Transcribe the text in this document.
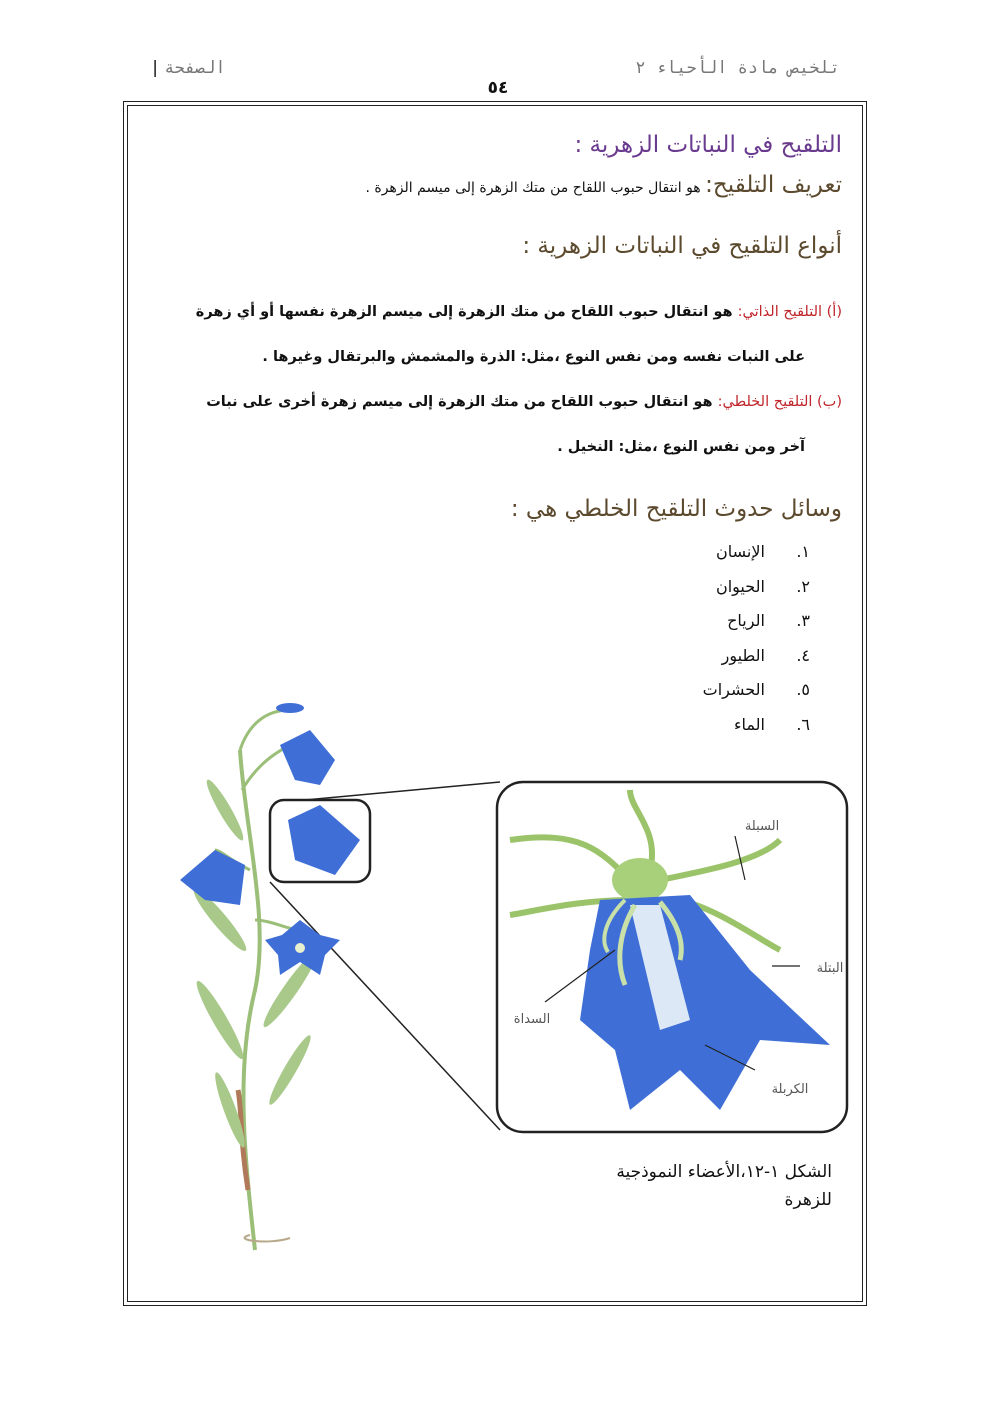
تلخيص مادة الأحياء ٢
الصفحة|
٥٤
التلقيح في النباتات الزهرية :
تعريف التلقيح: هو انتقال حبوب اللقاح من متك الزهرة إلى ميسم الزهرة .
أنواع التلقيح في النباتات الزهرية :
(أ) التلقيح الذاتي: هو انتقال حبوب اللقاح من متك الزهرة إلى ميسم الزهرة نفسها أو أي زهرة
على النبات نفسه ومن نفس النوع ،مثل: الذرة والمشمش والبرتقال وغيرها .
(ب) التلقيح الخلطي: هو انتقال حبوب اللقاح من متك الزهرة إلى ميسم زهرة أخرى على نبات
آخر ومن نفس النوع ،مثل: النخيل .
وسائل حدوث التلقيح الخلطي هي :
١. الإنسان
٢. الحيوان
٣. الرياح
٤. الطيور
٥. الحشرات
٦. الماء
السبلة
البتلة
السداة
الكربلة
الشكل ١-١٢،الأعضاء النموذجية
للزهرة
